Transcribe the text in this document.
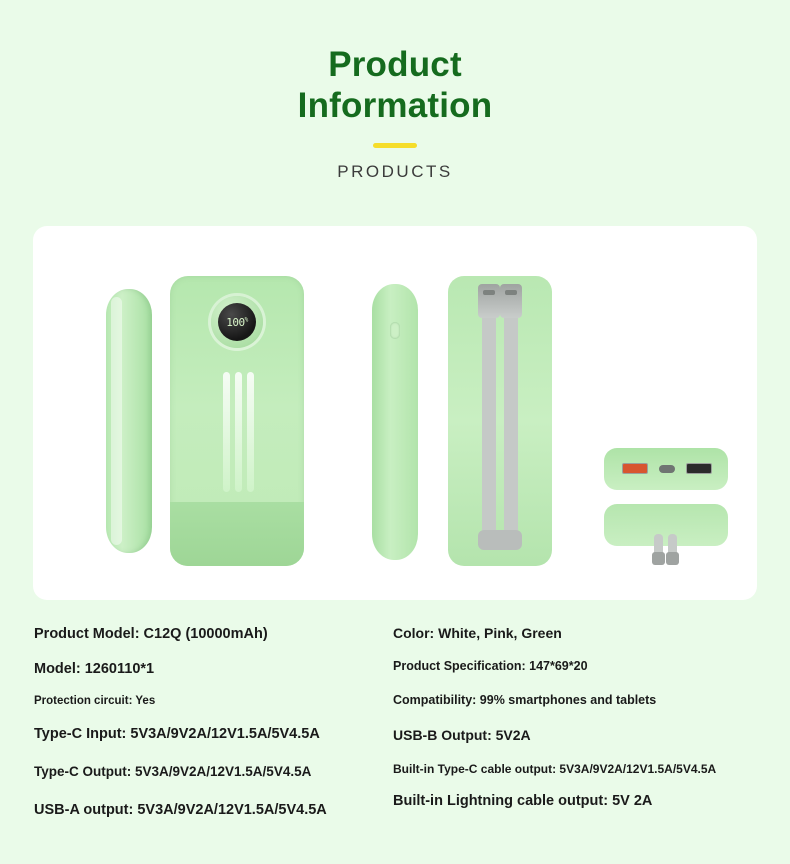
Product
Information
PRODUCTS
100%
Product Model: C12Q (10000mAh)
Model: 1260110*1
Protection circuit: Yes
Type-C Input: 5V3A/9V2A/12V1.5A/5V4.5A
Type-C Output: 5V3A/9V2A/12V1.5A/5V4.5A
USB-A output: 5V3A/9V2A/12V1.5A/5V4.5A
Color: White, Pink, Green
Product Specification: 147*69*20
Compatibility: 99% smartphones and tablets
USB-B Output: 5V2A
Built-in Type-C cable output: 5V3A/9V2A/12V1.5A/5V4.5A
Built-in Lightning cable output: 5V 2A
